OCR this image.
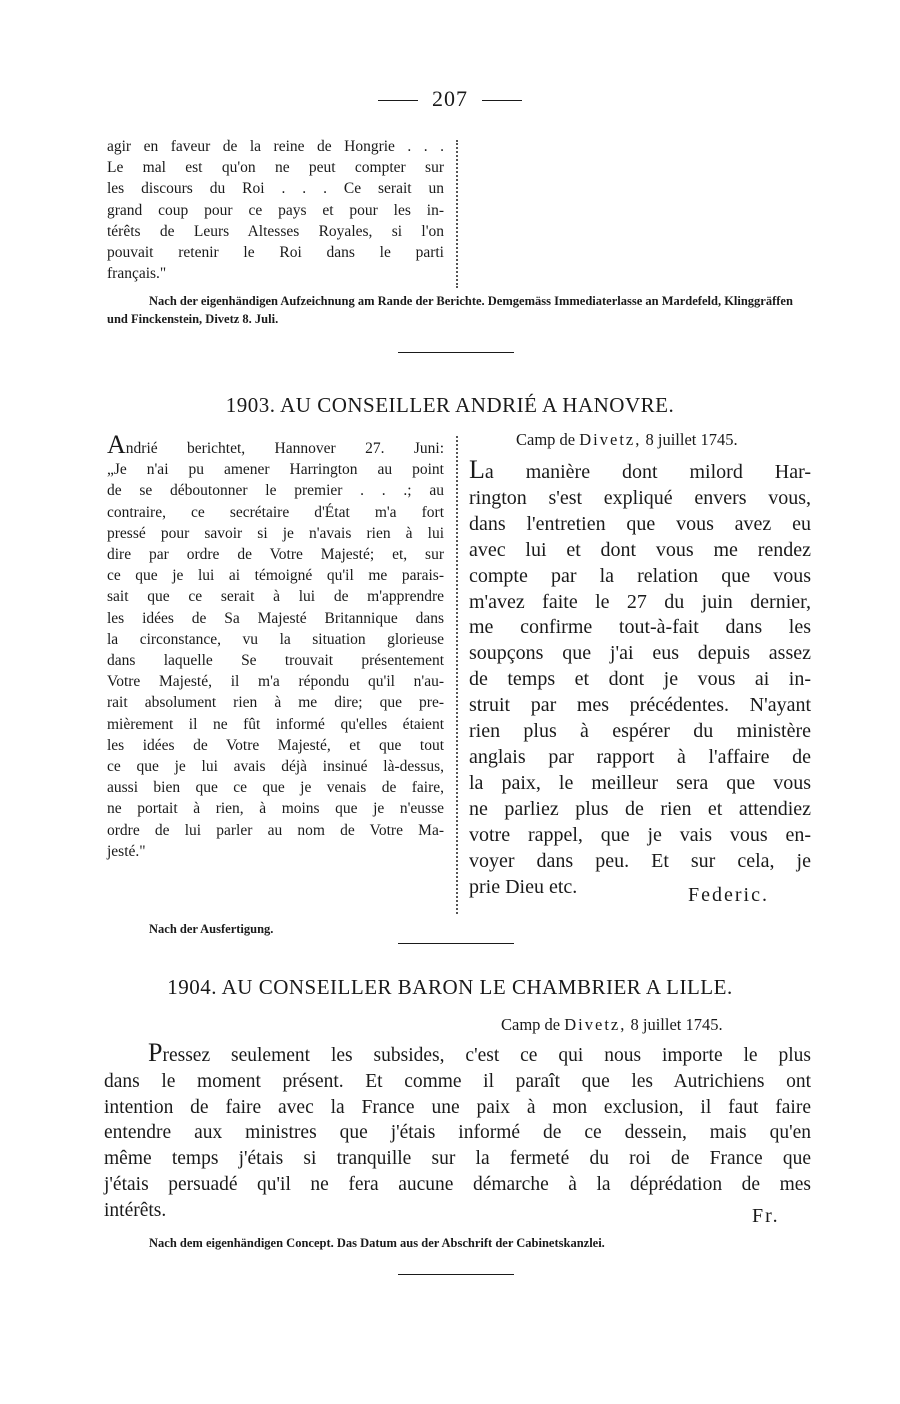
207
agir en faveur de la reine de Hongrie . . .
Le mal est qu'on ne peut compter sur
les discours du Roi . . . Ce serait un
grand coup pour ce pays et pour les in-
térêts de Leurs Altesses Royales, si l'on
pouvait retenir le Roi dans le parti
français."
Nach der eigenhändigen Aufzeichnung am Rande der Berichte. Demgemäss Immediaterlasse an Mardefeld, Klinggräffen und Finckenstein, Divetz 8. Juli.
1903. AU CONSEILLER ANDRIÉ A HANOVRE.
Andrié berichtet, Hannover 27. Juni:
„Je n'ai pu amener Harrington au point
de se déboutonner le premier . . .; au
contraire, ce secrétaire d'État m'a fort
pressé pour savoir si je n'avais rien à lui
dire par ordre de Votre Majesté; et, sur
ce que je lui ai témoigné qu'il me parais-
sait que ce serait à lui de m'apprendre
les idées de Sa Majesté Britannique dans
la circonstance, vu la situation glorieuse
dans laquelle Se trouvait présentement
Votre Majesté, il m'a répondu qu'il n'au-
rait absolument rien à me dire; que pre-
mièrement il ne fût informé qu'elles étaient
les idées de Votre Majesté, et que tout
ce que je lui avais déjà insinué là-dessus,
aussi bien que ce que je venais de faire,
ne portait à rien, à moins que je n'eusse
ordre de lui parler au nom de Votre Ma-
jesté."
Camp de Divetz, 8 juillet 1745.
La manière dont milord Har-
rington s'est expliqué envers vous,
dans l'entretien que vous avez eu
avec lui et dont vous me rendez
compte par la relation que vous
m'avez faite le 27 du juin dernier,
me confirme tout-à-fait dans les
soupçons que j'ai eus depuis assez
de temps et dont je vous ai in-
struit par mes précédentes. N'ayant
rien plus à espérer du ministère
anglais par rapport à l'affaire de
la paix, le meilleur sera que vous
ne parliez plus de rien et attendiez
votre rappel, que je vais vous en-
voyer dans peu. Et sur cela, je
prie Dieu etc.	Federic.
Nach der Ausfertigung.
1904. AU CONSEILLER BARON LE CHAMBRIER A LILLE.
Camp de Divetz, 8 juillet 1745.
Pressez seulement les subsides, c'est ce qui nous importe le plus
dans le moment présent. Et comme il paraît que les Autrichiens ont
intention de faire avec la France une paix à mon exclusion, il faut faire
entendre aux ministres que j'étais informé de ce dessein, mais qu'en
même temps j'étais si tranquille sur la fermeté du roi de France que
j'étais persuadé qu'il ne fera aucune démarche à la déprédation de mes
intérêts.	Fr.
Nach dem eigenhändigen Concept. Das Datum aus der Abschrift der Cabinetskanzlei.
